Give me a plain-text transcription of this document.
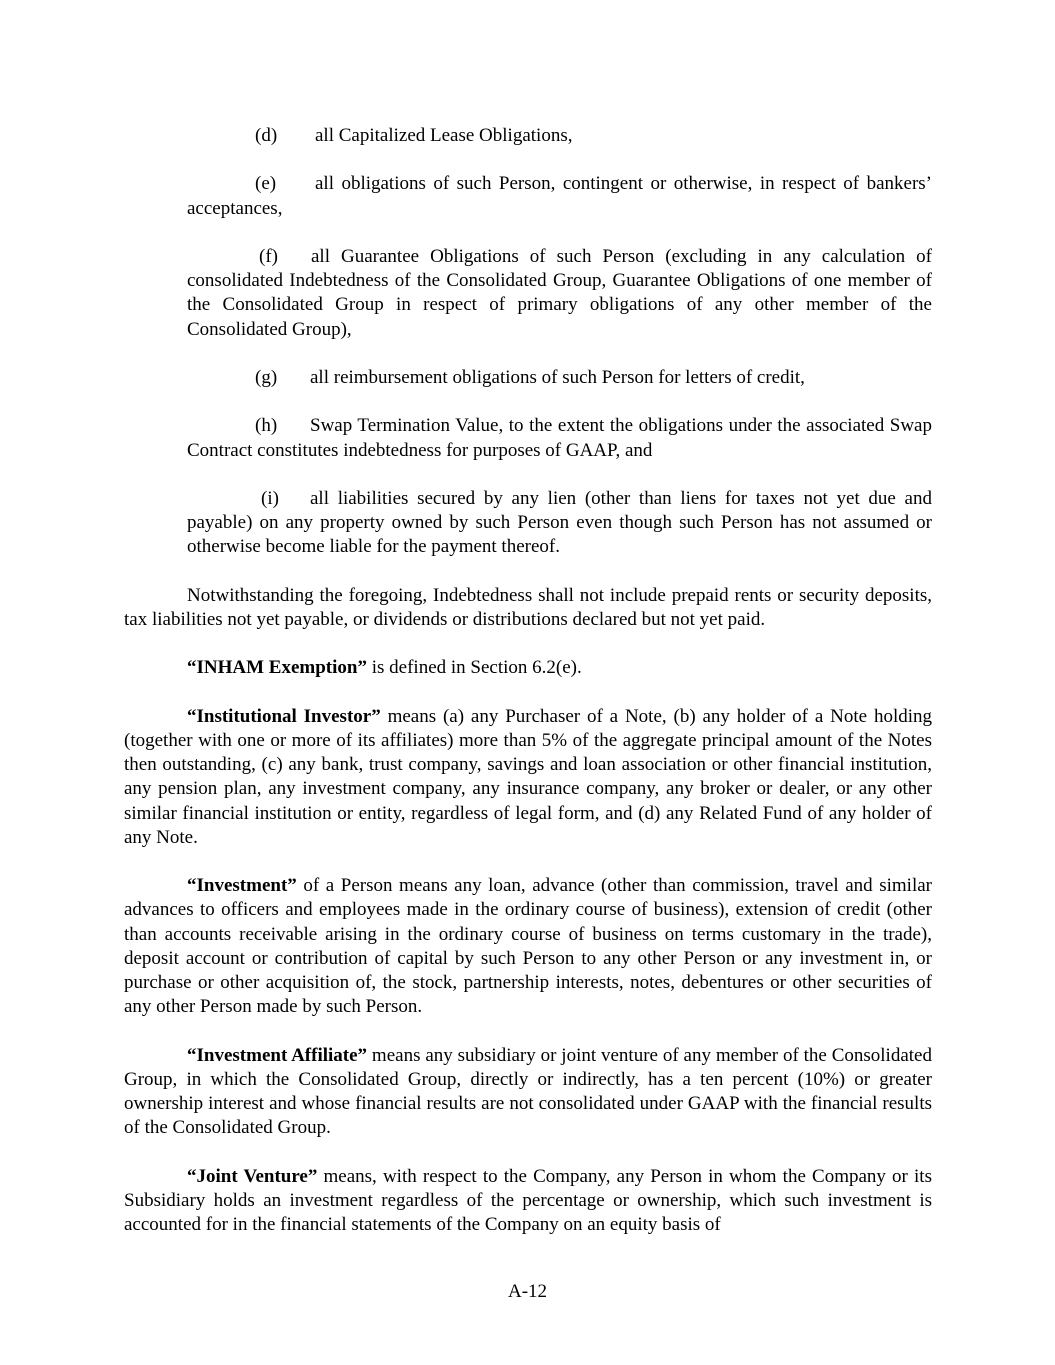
(d) all Capitalized Lease Obligations,

(e) all obligations of such Person, contingent or otherwise, in respect of bankers’ acceptances,

(f) all Guarantee Obligations of such Person (excluding in any calculation of consolidated Indebtedness of the Consolidated Group, Guarantee Obligations of one member of the Consolidated Group in respect of primary obligations of any other member of the Consolidated Group),

(g) all reimbursement obligations of such Person for letters of credit,

(h) Swap Termination Value, to the extent the obligations under the associated Swap Contract constitutes indebtedness for purposes of GAAP, and

(i) all liabilities secured by any lien (other than liens for taxes not yet due and payable) on any property owned by such Person even though such Person has not assumed or otherwise become liable for the payment thereof.

Notwithstanding the foregoing, Indebtedness shall not include prepaid rents or security deposits, tax liabilities not yet payable, or dividends or distributions declared but not yet paid.

“INHAM Exemption” is defined in Section 6.2(e).

“Institutional Investor” means (a) any Purchaser of a Note, (b) any holder of a Note holding (together with one or more of its affiliates) more than 5% of the aggregate principal amount of the Notes then outstanding, (c) any bank, trust company, savings and loan association or other financial institution, any pension plan, any investment company, any insurance company, any broker or dealer, or any other similar financial institution or entity, regardless of legal form, and (d) any Related Fund of any holder of any Note.

“Investment” of a Person means any loan, advance (other than commission, travel and similar advances to officers and employees made in the ordinary course of business), extension of credit (other than accounts receivable arising in the ordinary course of business on terms customary in the trade), deposit account or contribution of capital by such Person to any other Person or any investment in, or purchase or other acquisition of, the stock, partnership interests, notes, debentures or other securities of any other Person made by such Person.

“Investment Affiliate” means any subsidiary or joint venture of any member of the Consolidated Group, in which the Consolidated Group, directly or indirectly, has a ten percent (10%) or greater ownership interest and whose financial results are not consolidated under GAAP with the financial results of the Consolidated Group.

“Joint Venture” means, with respect to the Company, any Person in whom the Company or its Subsidiary holds an investment regardless of the percentage or ownership, which such investment is accounted for in the financial statements of the Company on an equity basis of

A-12
